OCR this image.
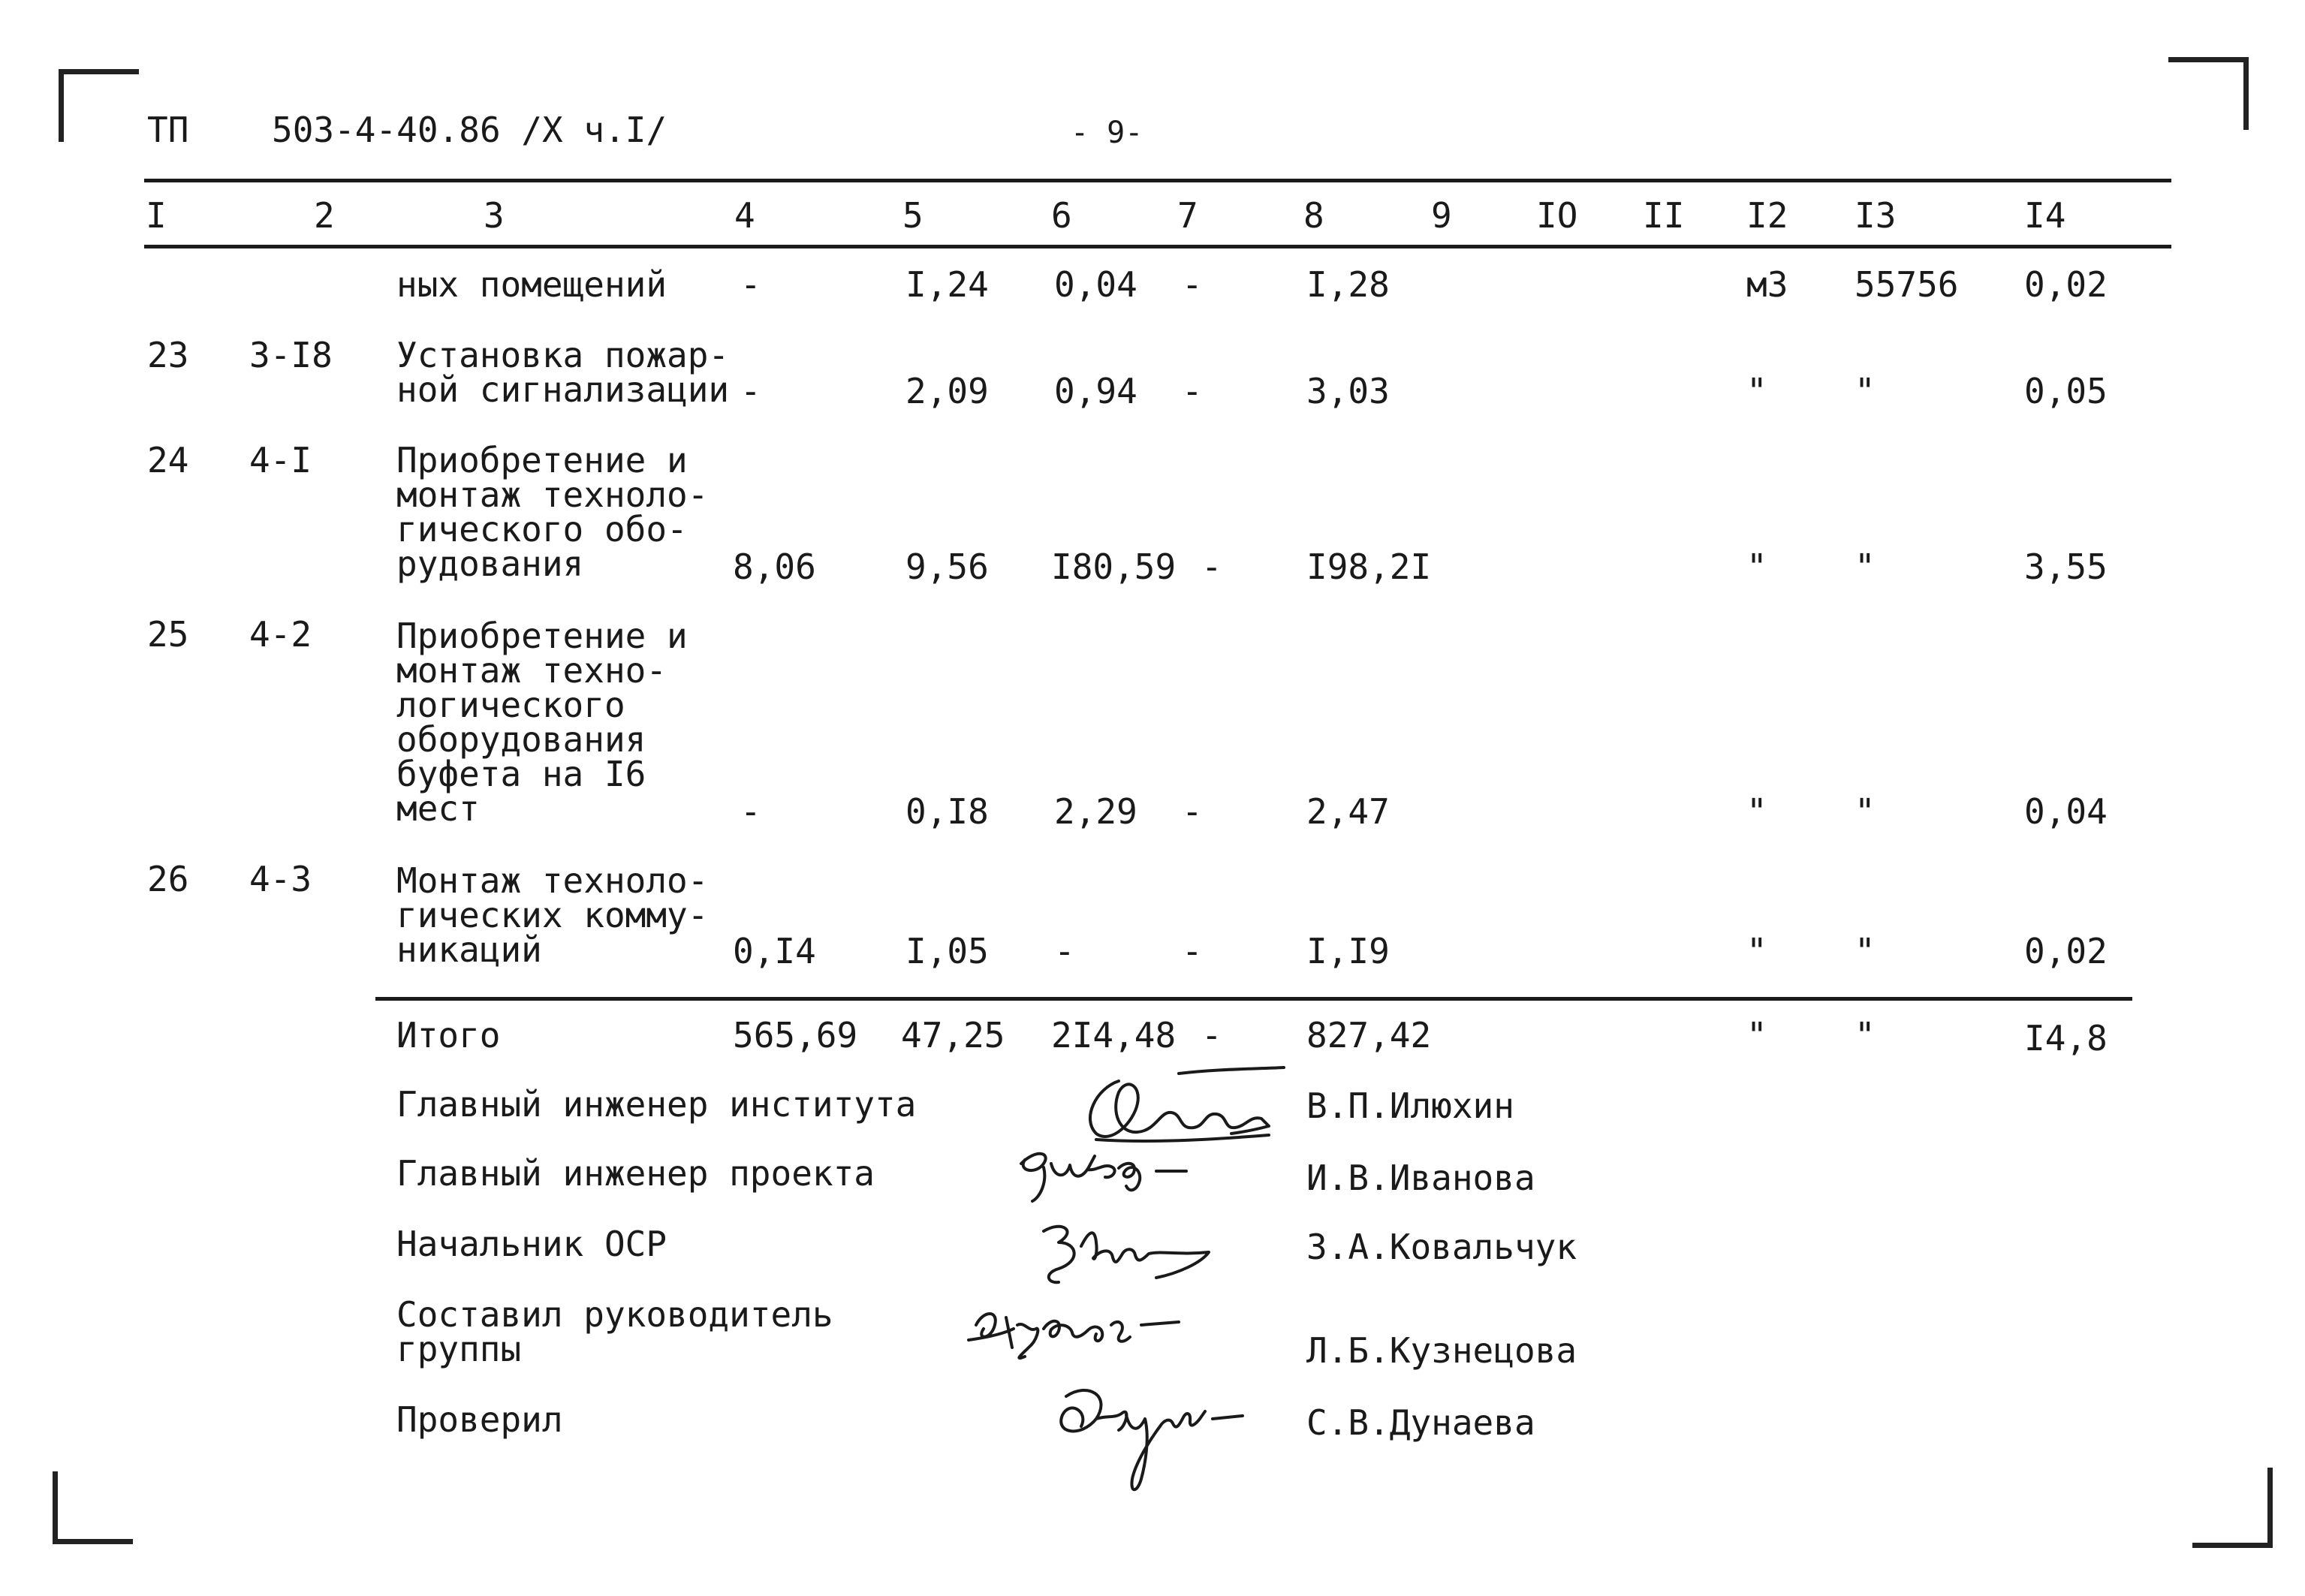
ТП 503-4-40.86 /Х ч.I/	- 9-
I	2	3	4	5	6	7	8	9 IO II I2 I3	I4
ных помещений -	I,24 0,04 -	I,28	м3 55756 0,02
23 3-I8 Установка пожар-
ной сигнализации -	2,09 0,94 -	3,03	"	"	0,05
24 4-I Приобретение и
монтаж техноло-
гического обо-
рудования	8,06	9,56 I80,59 - I98,2I	"	"	3,55
25 4-2 Приобретение и
монтаж техно-
логического
оборудования
буфета на I6
мест	-	0,I8 2,29 -	2,47	"	"	0,04
26 4-3 Монтаж техноло-
гических комму-
никаций	0,I4	I,05 -	-	I,I9	"	"	0,02
Итого	565,69 47,25 2I4,48 - 827,42	"	"	I4,8
Главный инженер института	В.П.Илюхин
Главный инженер проекта	И.В.Иванова
Начальник ОСР	З.А.Ковальчук
Составил руководитель
группы	Л.Б.Кузнецова
Проверил	С.В.Дунаева
